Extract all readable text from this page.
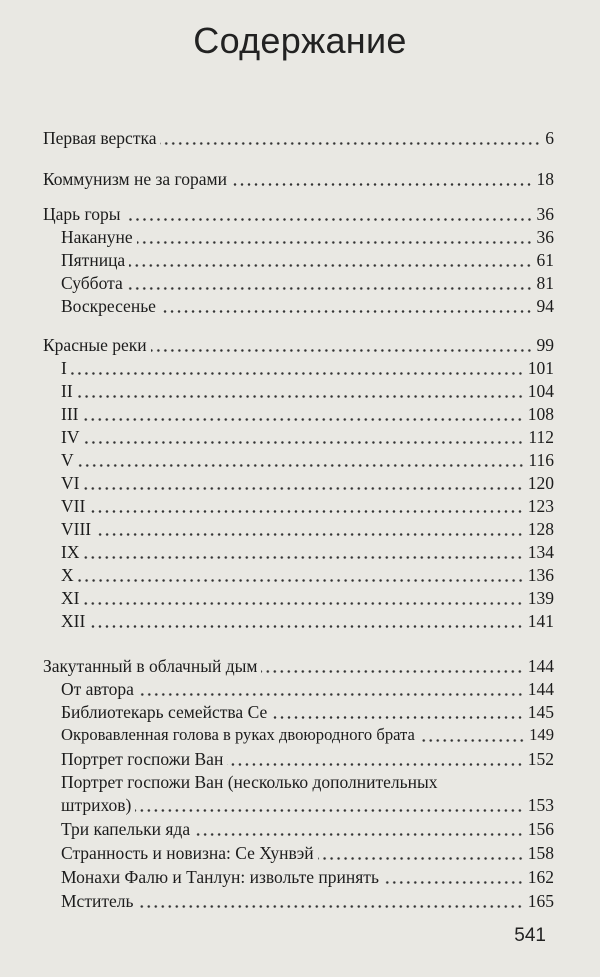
Содержание
Первая верстка	6
Коммунизм не за горами	18
Царь горы	36
Накануне	36
Пятница	61
Суббота	81
Воскресенье	94
Красные реки	99
I	101
II	104
III	108
IV	112
V	116
VI	120
VII	123
VIII	128
IX	134
X	136
XI	139
XII	141
Закутанный в облачный дым	144
От автора	144
Библиотекарь семейства Се	145
Окровавленная голова в руках двоюродного брата	149
Портрет госпожи Ван	152
Портрет госпожи Ван (несколько дополнительных
штрихов)	153
Три капельки яда	156
Странность и новизна: Се Хунвэй	158
Монахи Фалю и Танлун: извольте принять	162
Мститель	165
541
